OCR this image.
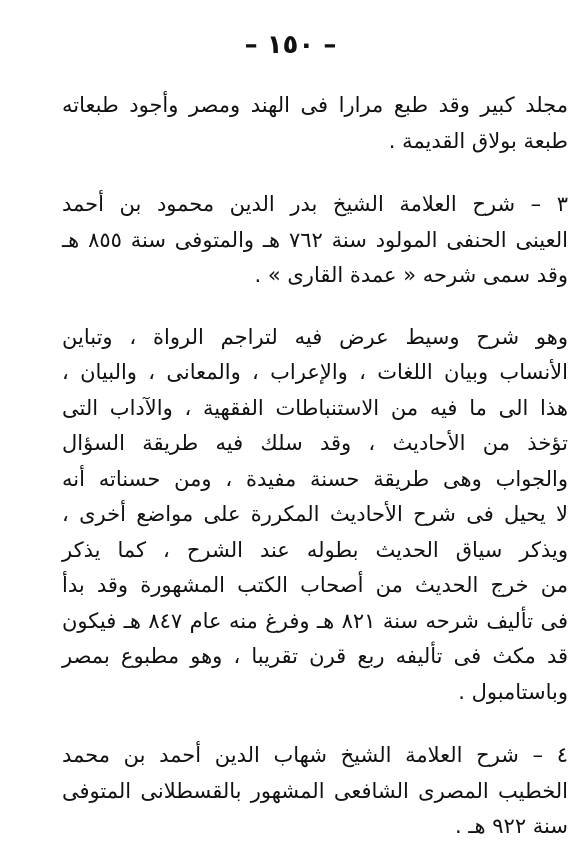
– ١٥٠ –

مجلد كبير وقد طبع مرارا فى الهند ومصر وأجود طبعاته
طبعة بولاق القديمة .

٣ – شرح العلامة الشيخ بدر الدين محمود بن أحمد
العينى الحنفى المولود سنة ٧٦٢ هـ والمتوفى سنة ٨٥٥ هـ
وقد سمى شرحه « عمدة القارى » .

وهو شرح وسيط عرض فيه لتراجم الرواة ، وتباين
الأنساب وبيان اللغات ، والإعراب ، والمعانى ، والبيان ،
هذا الى ما فيه من الاستنباطات الفقهية ، والآداب التى
تؤخذ من الأحاديث ، وقد سلك فيه طريقة السؤال
والجواب وهى طريقة حسنة مفيدة ، ومن حسناته أنه
لا يحيل فى شرح الأحاديث المكررة على مواضع أخرى ،
ويذكر سياق الحديث بطوله عند الشرح ، كما يذكر
من خرج الحديث من أصحاب الكتب المشهورة وقد بدأ
فى تأليف شرحه سنة ٨٢١ هـ وفرغ منه عام ٨٤٧ هـ فيكون
قد مكث فى تأليفه ربع قرن تقريبا ، وهو مطبوع بمصر
وباستامبول .

٤ – شرح العلامة الشيخ شهاب الدين أحمد بن محمد
الخطيب المصرى الشافعى المشهور بالقسطلانى المتوفى
سنة ٩٢٢ هـ .
